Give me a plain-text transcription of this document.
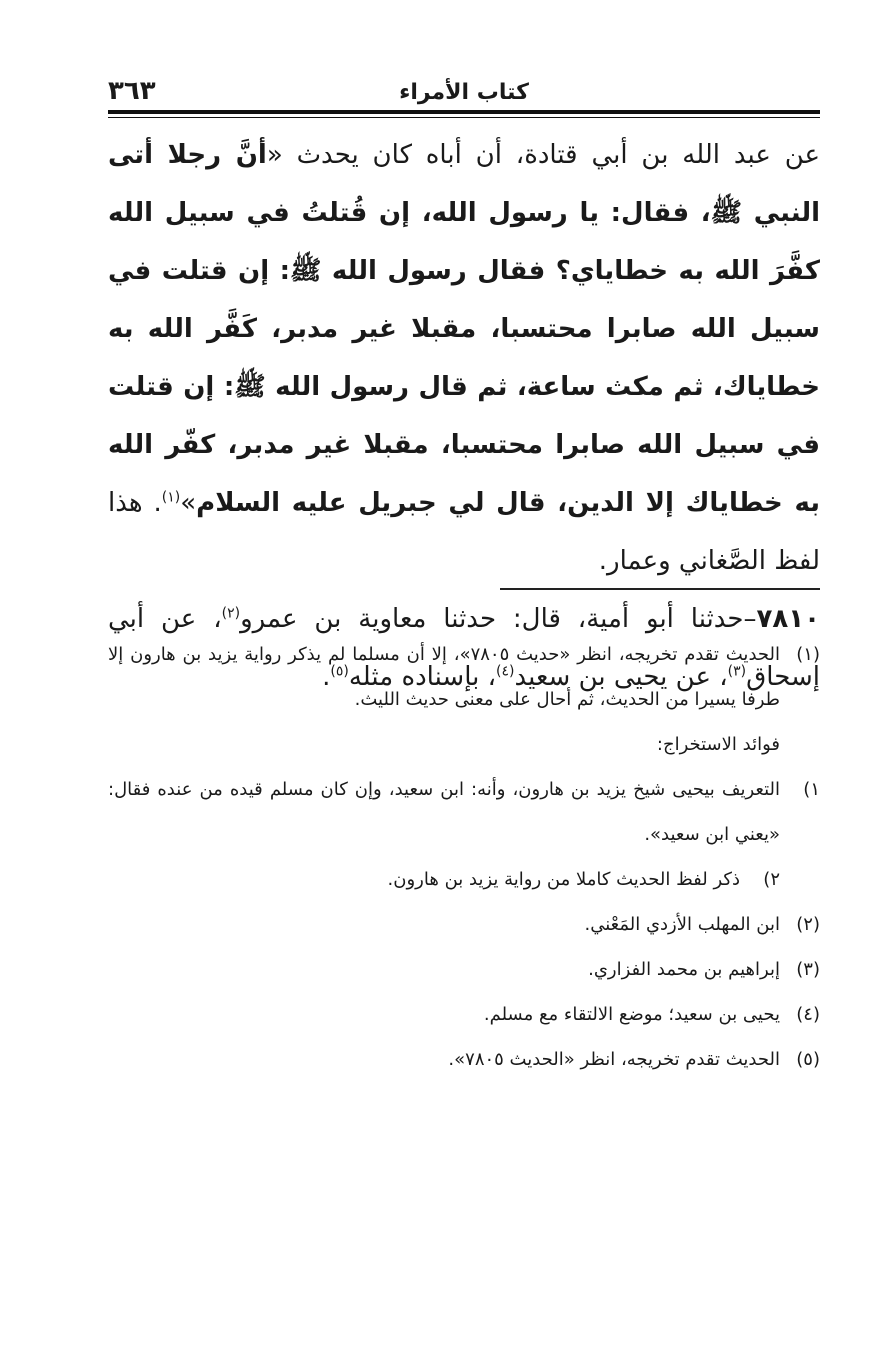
كتاب الأمراء
٣٦٣

عن عبد الله بن أبي قتادة، أن أباه كان يحدث «أنَّ رجلا أتى النبي ﷺ، فقال: يا رسول الله، إن قُتلتُ في سبيل الله كفَّرَ الله به خطاياي؟ فقال رسول الله ﷺ: إن قتلت في سبيل الله صابرا محتسبا، مقبلا غير مدبر، كَفَّر الله به خطاياك، ثم مكث ساعة، ثم قال رسول الله ﷺ: إن قتلت في سبيل الله صابرا محتسبا، مقبلا غير مدبر، كفّر الله به خطاياك إلا الدين، قال لي جبريل عليه السلام»$^{(١)}$. هذا لفظ الصَّغاني وعمار.

٧٨١٠–حدثنا أبو أمية، قال: حدثنا معاوية بن عمرو$^{(٢)}$، عن أبي إسحاق$^{(٣)}$، عن يحيى بن سعيد$^{(٤)}$، بإسناده مثله$^{(٥)}$.

(١)
الحديث تقدم تخريجه، انظر «حديث ٧٨٠٥»، إلا أن مسلما لم يذكر رواية يزيد بن هارون إلا طرفا يسيرا من الحديث، ثم أحال على معنى حديث الليث.
فوائد الاستخراج:
١)
التعريف بيحيى شيخ يزيد بن هارون، وأنه: ابن سعيد، وإن كان مسلم قيده من عنده فقال: «يعني ابن سعيد».
٢)
ذكر لفظ الحديث كاملا من رواية يزيد بن هارون.
(٢)
ابن المهلب الأزدي المَعْني.
(٣)
إبراهيم بن محمد الفزاري.
(٤)
يحيى بن سعيد؛ موضع الالتقاء مع مسلم.
(٥)
الحديث تقدم تخريجه، انظر «الحديث ٧٨٠٥».
